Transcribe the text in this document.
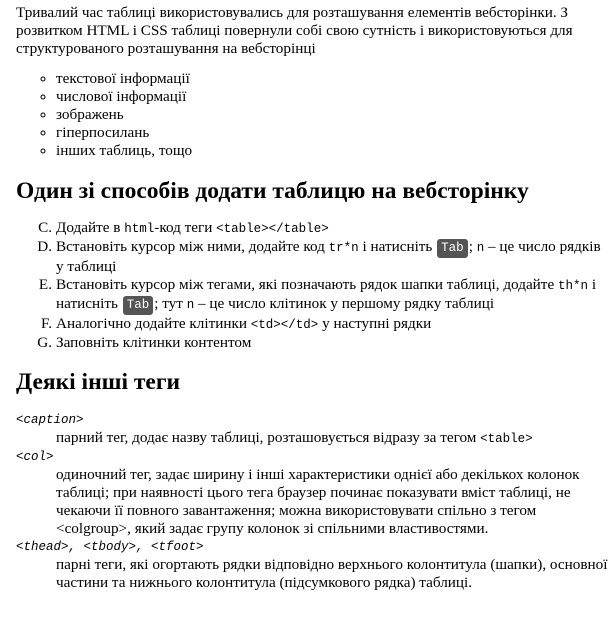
Тривалий час таблиці використовувались для розташування елементів вебсторінки. З розвитком HTML і CSS таблиці повернули собі свою сутність і використовуються для структурованого розташування на вебсторінці

◦ текстової інформації
◦ числової інформації
◦ зображень
◦ гіперпосилань
◦ інших таблиць, тощо
Один зі способів додати таблицю на вебсторінку
C. Додайте в html-код теги <table></table>
D. Встановіть курсор між ними, додайте код tr*n і натисніть Tab ; n – це число рядків у таблиці
E. Встановіть курсор між тегами, які позначають рядок шапки таблиці, додайте th*n і натисніть Tab ; тут n – це число клітинок у першому рядку таблиці
F. Аналогічно додайте клітинки <td></td> у наступні рядки
G. Заповніть клітинки контентом
Деякі інші теги
<caption>
парний тег, додає назву таблиці, розташовується відразу за тегом <table>
<col>
одиночний тег, задає ширину і інші характеристики однієї або декількох колонок таблиці; при наявності цього тега браузер починає показувати вміст таблиці, не чекаючи її повного завантаження; можна використовувати спільно з тегом <colgroup>, який задає групу колонок зі спільними властивостями.
<thead>, <tbody>, <tfoot>
парні теги, які огортають рядки відповідно верхнього колонтитула (шапки), основної частини та нижнього колонтитула (підсумкового рядка) таблиці.
